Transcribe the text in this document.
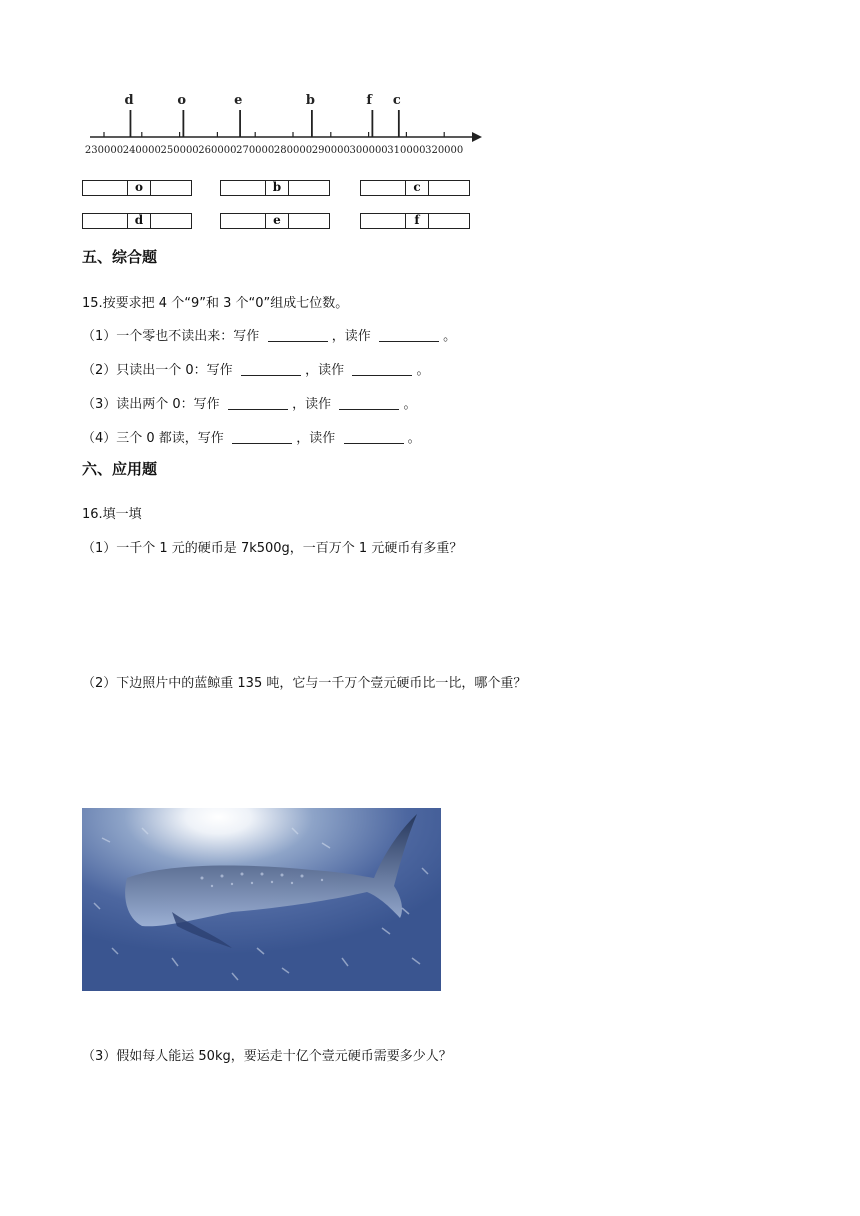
230000 240000 250000 260000 270000 280000 290000 300000 310000 320000
d	o	e	b	f c
o	b	c
d	e	f
五、综合题
15.按要求把 4 个“9”和 3 个“0”组成七位数。
（1）一个零也不读出来：写作	，读作	。
（2）只读出一个 0：写作	，读作	。
（3）读出两个 0：写作	，读作	。
（4）三个 0 都读，写作	，读作	。
六、应用题
16.填一填
（1）一千个 1 元的硬币是 7k500g，一百万个 1 元硬币有多重？
（2）下边照片中的蓝鲸重 135 吨，它与一千万个壹元硬币比一比，哪个重？
（3）假如每人能运 50kg，要运走十亿个壹元硬币需要多少人？
